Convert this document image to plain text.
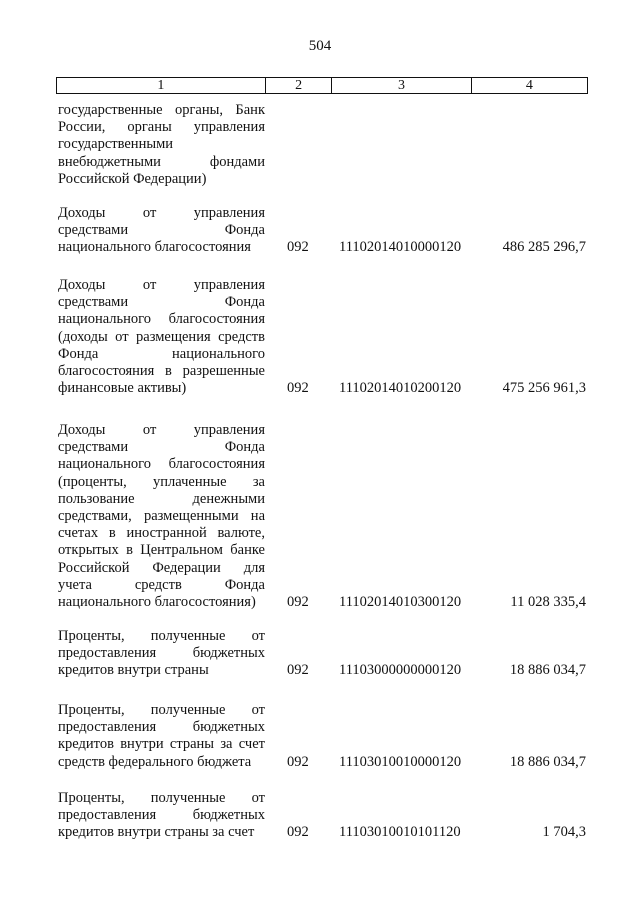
504
1	2	3	4
государственные органы, Банк
России, органы управления
государственными
внебюджетными фондами
Российской Федерации)
Доходы от управления
средствами Фонда
национального благосостояния	092	11102014010000120	486 285 296,7
Доходы от управления
средствами Фонда
национального благосостояния
(доходы от размещения средств
Фонда национального
благосостояния в разрешенные
финансовые активы)	092	11102014010200120	475 256 961,3
Доходы от управления
средствами Фонда
национального благосостояния
(проценты, уплаченные за
пользование денежными
средствами, размещенными на
счетах в иностранной валюте,
открытых в Центральном банке
Российской Федерации для
учета средств Фонда
национального благосостояния)	092	11102014010300120	11 028 335,4
Проценты, полученные от
предоставления бюджетных
кредитов внутри страны	092	11103000000000120	18 886 034,7
Проценты, полученные от
предоставления бюджетных
кредитов внутри страны за счет
средств федерального бюджета	092	11103010010000120	18 886 034,7
Проценты, полученные от
предоставления бюджетных
кредитов внутри страны за счет	092	11103010010101120	1 704,3
